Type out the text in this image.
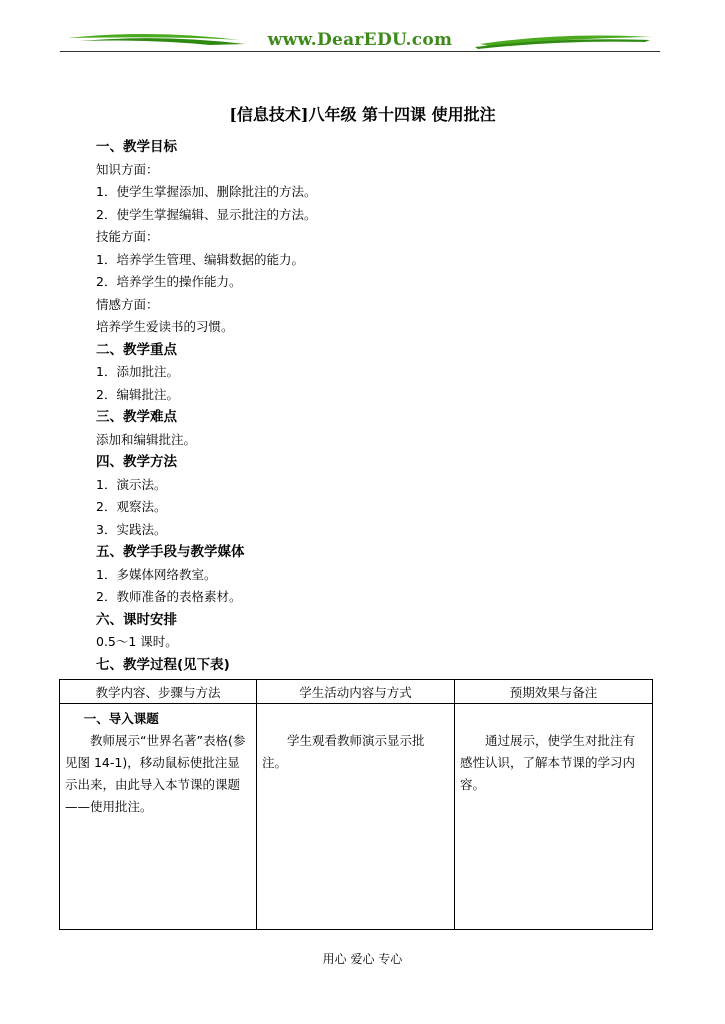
www.DearEDU.com
[信息技术]八年级 第十四课 使用批注
一、教学目标
知识方面：
1．使学生掌握添加、删除批注的方法。
2．使学生掌握编辑、显示批注的方法。
技能方面：
1．培养学生管理、编辑数据的能力。
2．培养学生的操作能力。
情感方面：
培养学生爱读书的习惯。
二、教学重点
1．添加批注。
2．编辑批注。
三、教学难点
添加和编辑批注。
四、教学方法
1．演示法。
2．观察法。
3．实践法。
五、教学手段与教学媒体
1．多媒体网络教室。
2．教师准备的表格素材。
六、课时安排
0.5～1 课时。
七、教学过程(见下表)
教学内容、步骤与方法	学生活动内容与方式	预期效果与备注

一、导入课题
教师展示“世界名著”表格(参见图 14-1)，移动鼠标使批注显示出来，由此导入本节课的课题——使用批注。	学生观看教师演示显示批注。	通过展示，使学生对批注有感性认识，了解本节课的学习内容。
用心 爱心 专心
